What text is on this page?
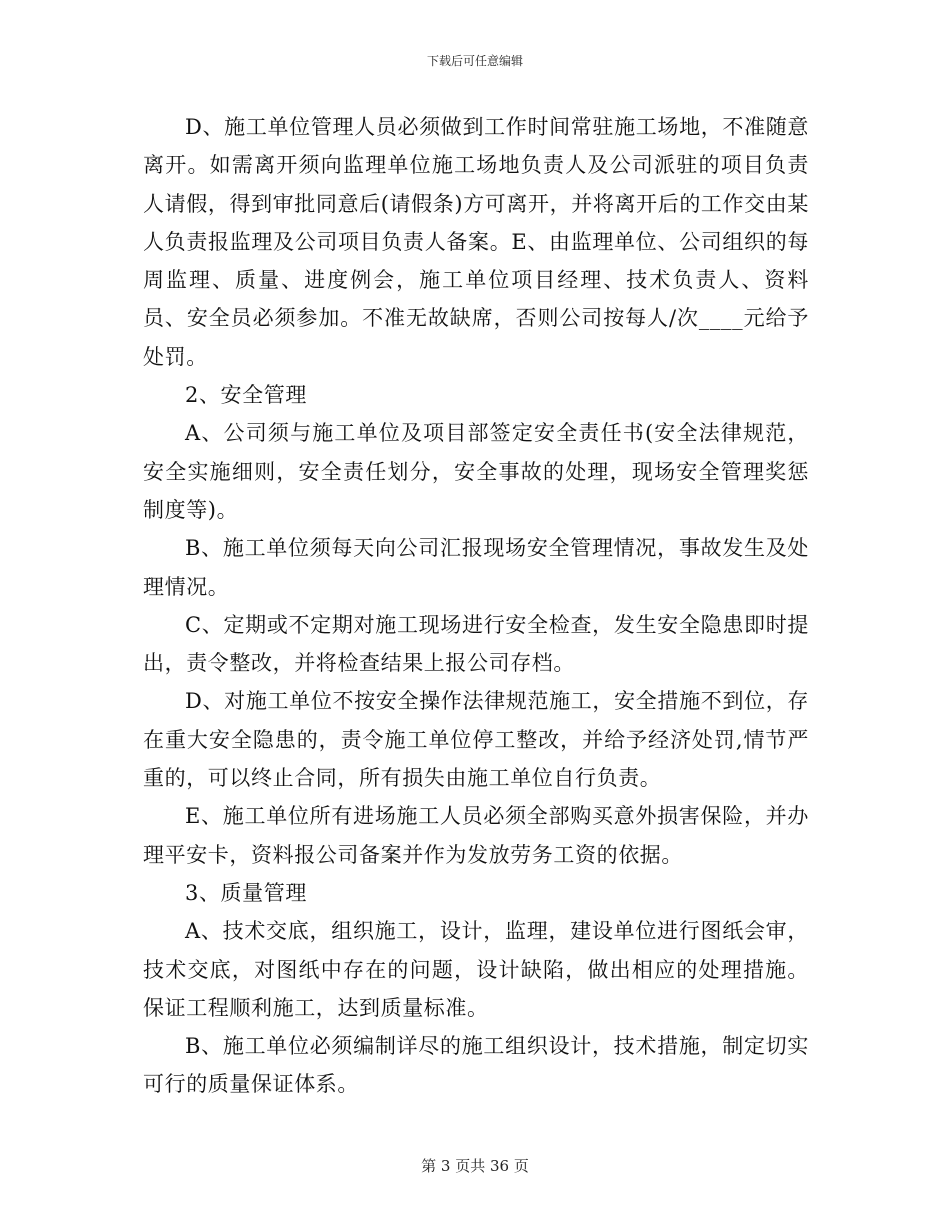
下载后可任意编辑

D、施工单位管理人员必须做到工作时间常驻施工场地，不准随意离开。如需离开须向监理单位施工场地负责人及公司派驻的项目负责人请假，得到审批同意后(请假条)方可离开，并将离开后的工作交由某人负责报监理及公司项目负责人备案。E、由监理单位、公司组织的每周监理、质量、进度例会，施工单位项目经理、技术负责人、资料员、安全员必须参加。不准无故缺席，否则公司按每人/次____元给予处罚。

2、安全管理

A、公司须与施工单位及项目部签定安全责任书(安全法律规范，安全实施细则，安全责任划分，安全事故的处理，现场安全管理奖惩制度等)。

B、施工单位须每天向公司汇报现场安全管理情况，事故发生及处理情况。

C、定期或不定期对施工现场进行安全检查，发生安全隐患即时提出，责令整改，并将检查结果上报公司存档。

D、对施工单位不按安全操作法律规范施工，安全措施不到位，存在重大安全隐患的，责令施工单位停工整改，并给予经济处罚,情节严重的，可以终止合同，所有损失由施工单位自行负责。

E、施工单位所有进场施工人员必须全部购买意外损害保险，并办理平安卡，资料报公司备案并作为发放劳务工资的依据。

3、质量管理

A、技术交底，组织施工，设计，监理，建设单位进行图纸会审，技术交底，对图纸中存在的问题，设计缺陷，做出相应的处理措施。保证工程顺利施工，达到质量标准。

B、施工单位必须编制详尽的施工组织设计，技术措施，制定切实可行的质量保证体系。

第 3 页共 36 页
